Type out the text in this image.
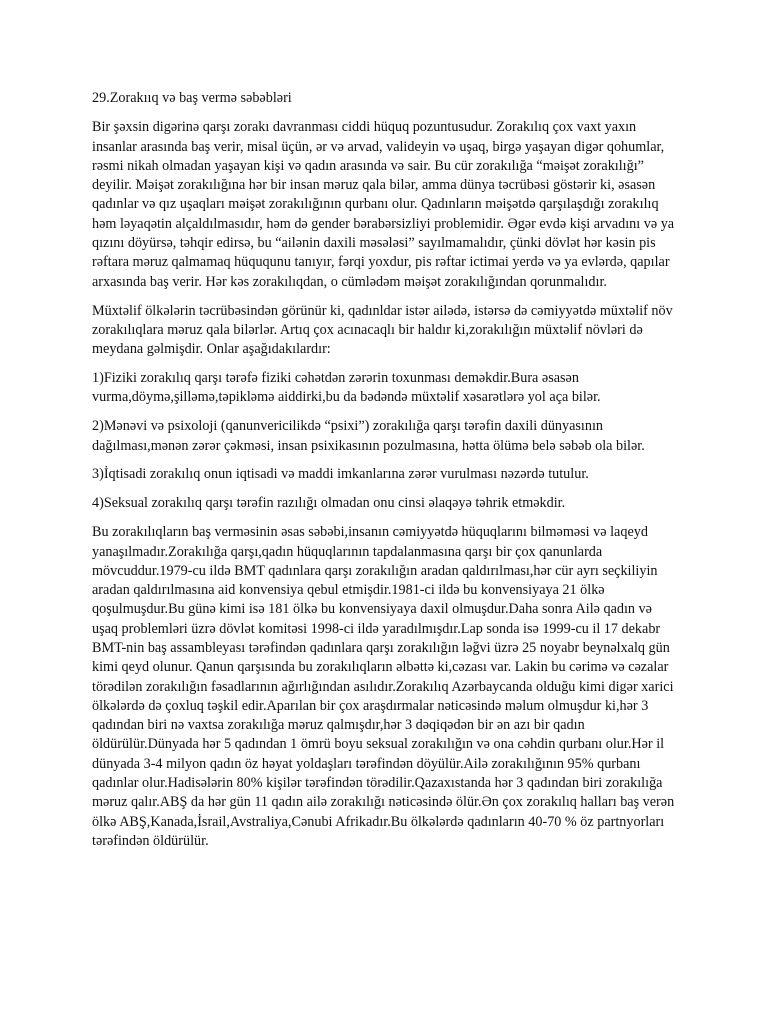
29.Zorakııq və baş vermə səbəbləri
Bir şəxsin digərinə qarşı zorakı davranması ciddi hüquq pozuntusudur. Zorakılıq çox vaxt yaxın insanlar arasında baş verir, misal üçün, ər və arvad, valideyin və uşaq, birgə yaşayan digər qohumlar, rəsmi nikah olmadan yaşayan kişi və qadın arasında və sair. Bu cür zorakılığa “məişət zorakılığı” deyilir. Məişət zorakılığına hər bir insan məruz qala bilər, amma dünya təcrübəsi göstərir ki, əsasən qadınlar və qız uşaqları məişət zorakılığının qurbanı olur. Qadınların məişətdə qarşılaşdığı zorakılıq həm ləyaqətin alçaldılmasıdır, həm də gender bərabərsizliyi problemidir. Əgər evdə kişi arvadını və ya qızını döyürsə, təhqir edirsə, bu “ailənin daxili məsələsi” sayılmamalıdır, çünki dövlət hər kəsin pis rəftara məruz qalmamaq hüququnu tanıyır, fərqi yoxdur, pis rəftar ictimai yerdə və ya evlərdə, qapılar arxasında baş verir. Hər kəs zorakılıqdan, o cümlədəm məişət zorakılığından qorunmalıdır.
Müxtəlif ölkələrin təcrübəsindən görünür ki, qadınldar istər ailədə, istərsə də cəmiyyətdə müxtəlif növ zorakılıqlara məruz qala bilərlər. Artıq çox acınacaqlı bir haldır ki,zorakılığın müxtəlif növləri də meydana gəlmişdir. Onlar aşağıdakılardır:
1)Fiziki zorakılıq qarşı tərəfə fiziki cəhətdən zərərin toxunması deməkdir.Bura əsasən vurma,döymə,şilləmə,təpikləmə aiddirki,bu da bədəndə müxtəlif xəsarətlərə yol aça bilər.
2)Mənəvi və psixoloji (qanunvericilikdə “psixi”) zorakılığa qarşı tərəfin daxili dünyasının dağılması,mənən zərər çəkməsi, insan psixikasının pozulmasına, hətta ölümə belə səbəb ola bilər.
3)İqtisadi zorakılıq onun iqtisadi və maddi imkanlarına zərər vurulması nəzərdə tutulur.
4)Seksual zorakılıq qarşı tərəfin razılığı olmadan onu cinsi əlaqəyə təhrik etməkdir.
Bu zorakılıqların baş verməsinin əsas səbəbi,insanın cəmiyyətdə hüquqlarını bilməməsi və laqeyd yanaşılmadır.Zorakılığa qarşı,qadın hüquqlarının tapdalanmasına qarşı bir çox qanunlarda mövcuddur.1979-cu ildə BMT qadınlara qarşı zorakılığın aradan qaldırılması,hər cür ayrı seçkiliyin aradan qaldırılmasına aid konvensiya qebul etmişdir.1981-ci ildə bu konvensiyaya 21 ölkə qoşulmuşdur.Bu günə kimi isə 181 ölkə bu konvensiyaya daxil olmuşdur.Daha sonra Ailə qadın və uşaq problemləri üzrə dövlət komitəsi 1998-ci ildə yaradılmışdır.Lap sonda isə 1999-cu il 17 dekabr BMT-nin baş assambleyası tərəfindən qadınlara qarşı zorakılığın ləğvi üzrə 25 noyabr beynəlxalq gün kimi qeyd olunur. Qanun qarşısında bu zorakılıqların əlbəttə ki,cəzası var. Lakin bu cərimə və cəzalar törədilən zorakılığın fəsadlarının ağırlığından asılıdır.Zorakılıq Azərbaycanda olduğu kimi digər xarici ölkələrdə də çoxluq təşkil edir.Aparılan bir çox araşdırmalar nəticəsində məlum olmuşdur ki,hər 3 qadından biri nə vaxtsa zorakılığa məruz qalmışdır,hər 3 dəqiqədən bir ən azı bir qadın öldürülür.Dünyada hər 5 qadından 1 ömrü boyu seksual zorakılığın və ona cəhdin qurbanı olur.Hər il dünyada 3-4 milyon qadın öz həyat yoldaşları tərəfindən döyülür.Ailə zorakılığının 95% qurbanı qadınlar olur.Hadisələrin 80% kişilər tərəfindən törədilir.Qazaxıstanda hər 3 qadından biri zorakılığa məruz qalır.ABŞ da hər gün 11 qadın ailə zorakılığı nəticəsində ölür.Ən çox zorakılıq halları baş verən ölkə ABŞ,Kanada,İsrail,Avstraliya,Cənubi Afrikadır.Bu ölkələrdə qadınların 40-70 % öz partnyorları tərəfindən öldürülür.
